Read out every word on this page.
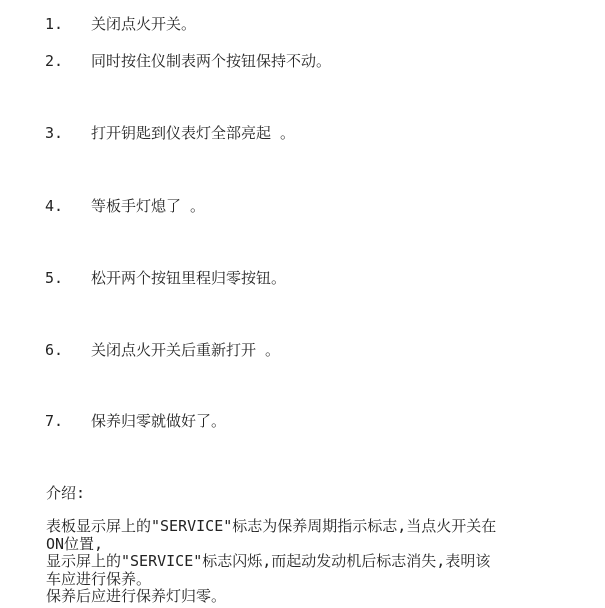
1. 关闭点火开关。
2. 同时按住仪制表两个按钮保持不动。
3. 打开钥匙到仪表灯全部亮起 。
4. 等板手灯熄了 。
5. 松开两个按钮里程归零按钮。
6. 关闭点火开关后重新打开 。
7. 保养归零就做好了。
介绍:
表板显示屏上的"SERVICE"标志为保养周期指示标志,当点火开关在
ON位置,
显示屏上的"SERVICE"标志闪烁,而起动发动机后标志消失,表明该
车应进行保养。
保养后应进行保养灯归零。
